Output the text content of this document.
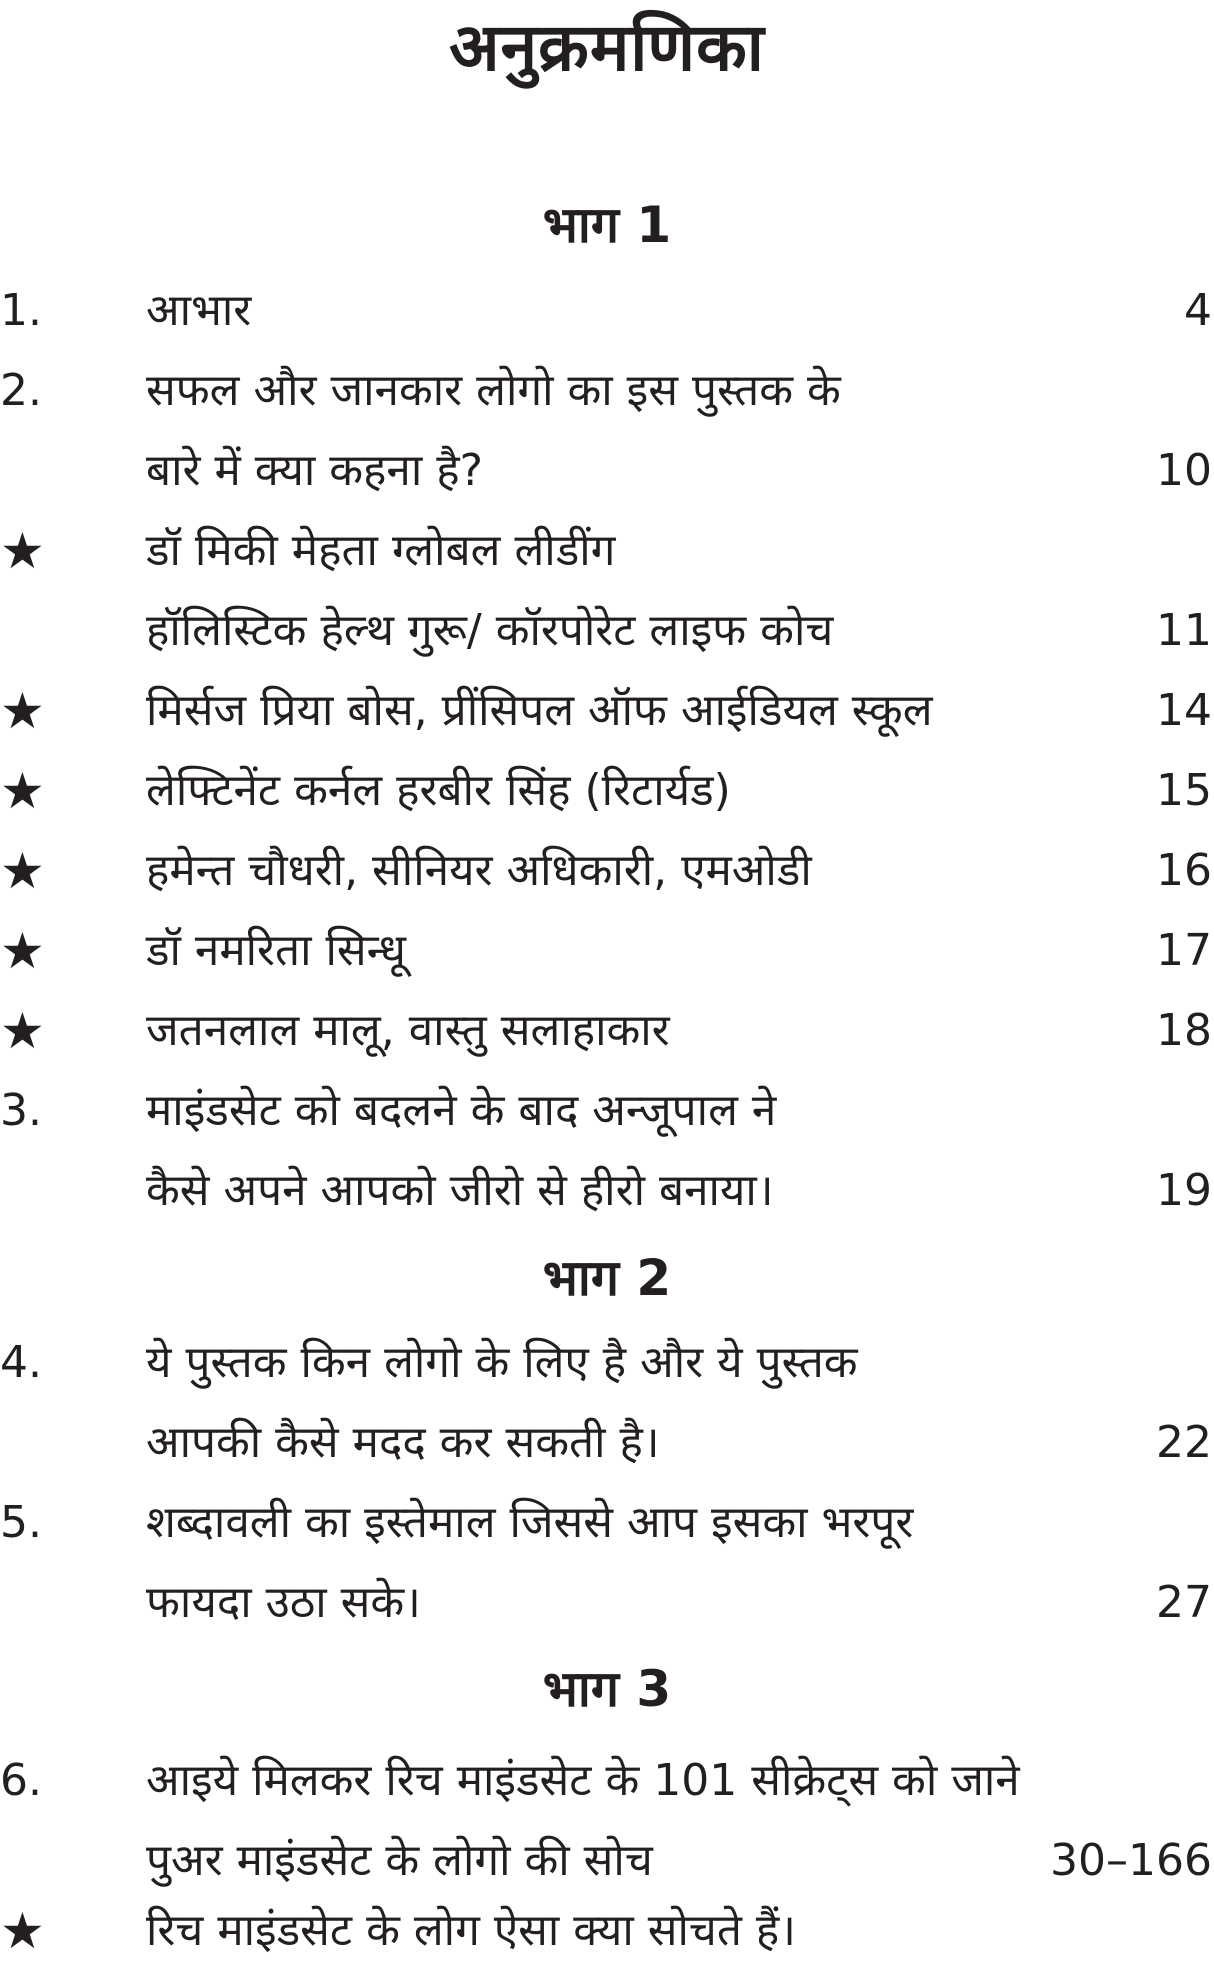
अनुक्रमणिका
भाग 1
1.	आभार	4
2.	सफल और जानकार लोगो का इस पुस्तक के
बारे में क्या कहना है?	10
★	डॉ मिकी मेहता ग्लोबल लीडींग
हॉलिस्टिक हेल्थ गुरू/ कॉरपोरेट लाइफ कोच	11
★	मिर्सज प्रिया बोस, प्रींसिपल ऑफ आईडियल स्कूल	14
★	लेफ्टिनेंट कर्नल हरबीर सिंह (रिटार्यड)	15
★	हमेन्त चौधरी, सीनियर अधिकारी, एमओडी	16
★	डॉ नमरिता सिन्धू	17
★	जतनलाल मालू, वास्तु सलाहाकार	18
3.	माइंडसेट को बदलने के बाद अन्जूपाल ने
कैसे अपने आपको जीरो से हीरो बनाया।	19
भाग 2
4.	ये पुस्तक किन लोगो के लिए है और ये पुस्तक
आपकी कैसे मदद कर सकती है।	22
5.	शब्दावली का इस्तेमाल जिससे आप इसका भरपूर
फायदा उठा सके।	27
भाग 3
6.	आइये मिलकर रिच माइंडसेट के 101 सीक्रेट्स को जाने
पुअर माइंडसेट के लोगो की सोच	30–166
★	रिच माइंडसेट के लोग ऐसा क्या सोचते हैं।
